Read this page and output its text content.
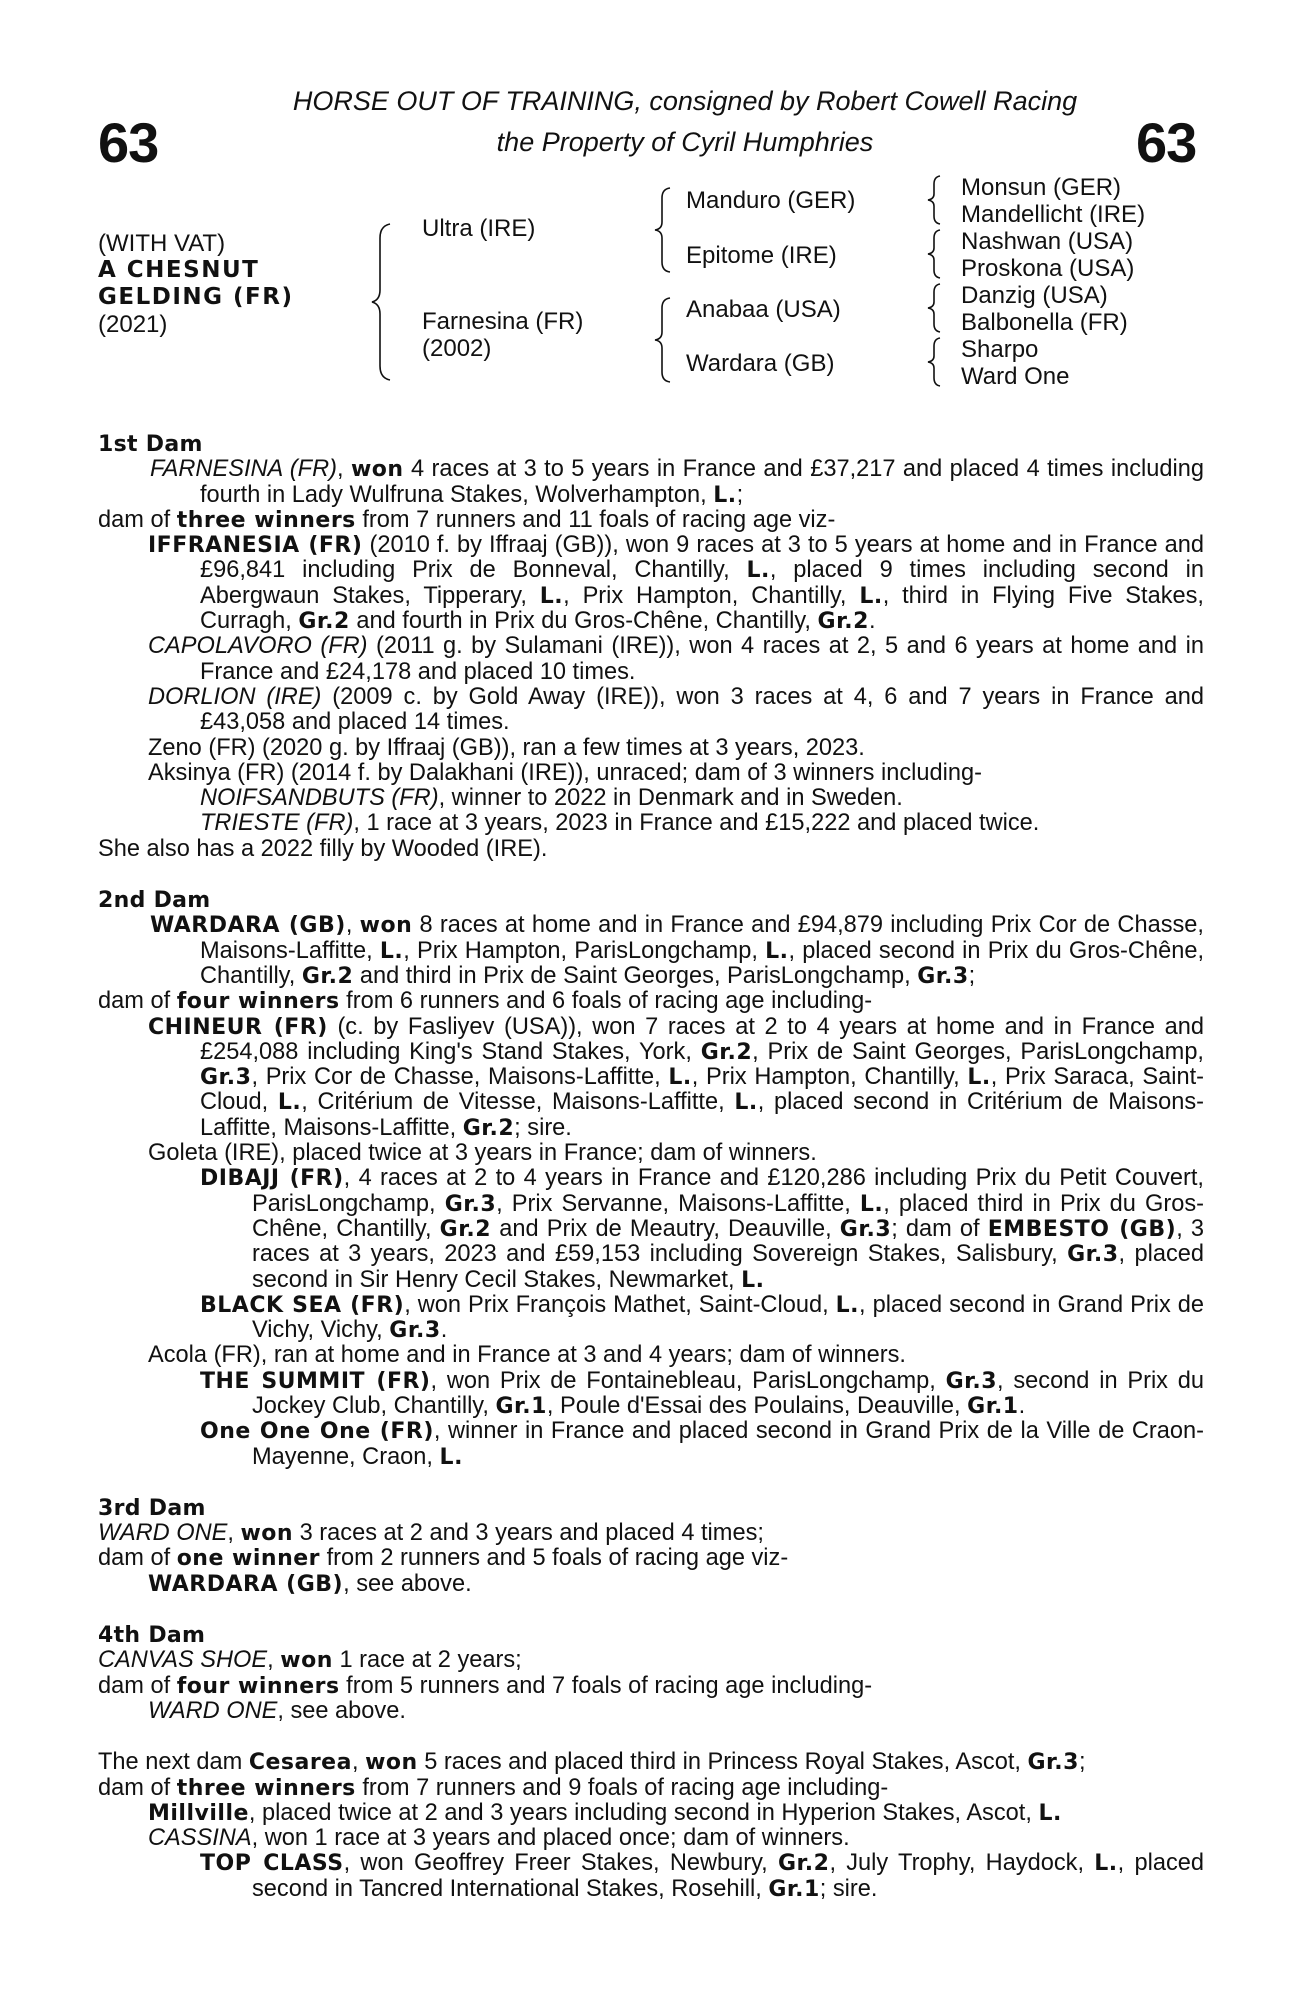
63	63
HORSE OUT OF TRAINING, consigned by Robert Cowell Racing
the Property of Cyril Humphries
(WITH VAT)
A CHESNUT
GELDING (FR)
(2021)
Ultra (IRE)
Farnesina (FR)
(2002)
Manduro (GER)
Epitome (IRE)
Anabaa (USA)
Wardara (GB)
Monsun (GER)
Mandellicht (IRE)
Nashwan (USA)
Proskona (USA)
Danzig (USA)
Balbonella (FR)
Sharpo
Ward One

1st Dam

FARNESINA (FR), won 4 races at 3 to 5 years in France and £37,217 and placed 4 times including fourth in Lady Wulfruna Stakes, Wolverhampton, L.;

dam of three winners from 7 runners and 11 foals of racing age viz-

IFFRANESIA (FR) (2010 f. by Iffraaj (GB)), won 9 races at 3 to 5 years at home and in France and £96,841 including Prix de Bonneval, Chantilly, L., placed 9 times including second in Abergwaun Stakes, Tipperary, L., Prix Hampton, Chantilly, L., third in Flying Five Stakes, Curragh, Gr.2 and fourth in Prix du Gros-Chêne, Chantilly, Gr.2.

CAPOLAVORO (FR) (2011 g. by Sulamani (IRE)), won 4 races at 2, 5 and 6 years at home and in France and £24,178 and placed 10 times.

DORLION (IRE) (2009 c. by Gold Away (IRE)), won 3 races at 4, 6 and 7 years in France and £43,058 and placed 14 times.

Zeno (FR) (2020 g. by Iffraaj (GB)), ran a few times at 3 years, 2023.

Aksinya (FR) (2014 f. by Dalakhani (IRE)), unraced; dam of 3 winners including-

NOIFSANDBUTS (FR), winner to 2022 in Denmark and in Sweden.

TRIESTE (FR), 1 race at 3 years, 2023 in France and £15,222 and placed twice.

She also has a 2022 filly by Wooded (IRE).

2nd Dam

WARDARA (GB), won 8 races at home and in France and £94,879 including Prix Cor de Chasse, Maisons-Laffitte, L., Prix Hampton, ParisLongchamp, L., placed second in Prix du Gros-Chêne, Chantilly, Gr.2 and third in Prix de Saint Georges, ParisLongchamp, Gr.3;

dam of four winners from 6 runners and 6 foals of racing age including-

CHINEUR (FR) (c. by Fasliyev (USA)), won 7 races at 2 to 4 years at home and in France and £254,088 including King's Stand Stakes, York, Gr.2, Prix de Saint Georges, ParisLongchamp, Gr.3, Prix Cor de Chasse, Maisons-Laffitte, L., Prix Hampton, Chantilly, L., Prix Saraca, Saint-Cloud, L., Critérium de Vitesse, Maisons-Laffitte, L., placed second in Critérium de Maisons-Laffitte, Maisons-Laffitte, Gr.2; sire.

Goleta (IRE), placed twice at 3 years in France; dam of winners.

DIBAJJ (FR), 4 races at 2 to 4 years in France and £120,286 including Prix du Petit Couvert, ParisLongchamp, Gr.3, Prix Servanne, Maisons-Laffitte, L., placed third in Prix du Gros-Chêne, Chantilly, Gr.2 and Prix de Meautry, Deauville, Gr.3; dam of EMBESTO (GB), 3 races at 3 years, 2023 and £59,153 including Sovereign Stakes, Salisbury, Gr.3, placed second in Sir Henry Cecil Stakes, Newmarket, L.

BLACK SEA (FR), won Prix François Mathet, Saint-Cloud, L., placed second in Grand Prix de Vichy, Vichy, Gr.3.

Acola (FR), ran at home and in France at 3 and 4 years; dam of winners.

THE SUMMIT (FR), won Prix de Fontainebleau, ParisLongchamp, Gr.3, second in Prix du Jockey Club, Chantilly, Gr.1, Poule d'Essai des Poulains, Deauville, Gr.1.

One One One (FR), winner in France and placed second in Grand Prix de la Ville de Craon-Mayenne, Craon, L.

3rd Dam

WARD ONE, won 3 races at 2 and 3 years and placed 4 times;

dam of one winner from 2 runners and 5 foals of racing age viz-

WARDARA (GB), see above.

4th Dam

CANVAS SHOE, won 1 race at 2 years;

dam of four winners from 5 runners and 7 foals of racing age including-

WARD ONE, see above.

The next dam Cesarea, won 5 races and placed third in Princess Royal Stakes, Ascot, Gr.3;

dam of three winners from 7 runners and 9 foals of racing age including-

Millville, placed twice at 2 and 3 years including second in Hyperion Stakes, Ascot, L.

CASSINA, won 1 race at 3 years and placed once; dam of winners.

TOP CLASS, won Geoffrey Freer Stakes, Newbury, Gr.2, July Trophy, Haydock, L., placed second in Tancred International Stakes, Rosehill, Gr.1; sire.
